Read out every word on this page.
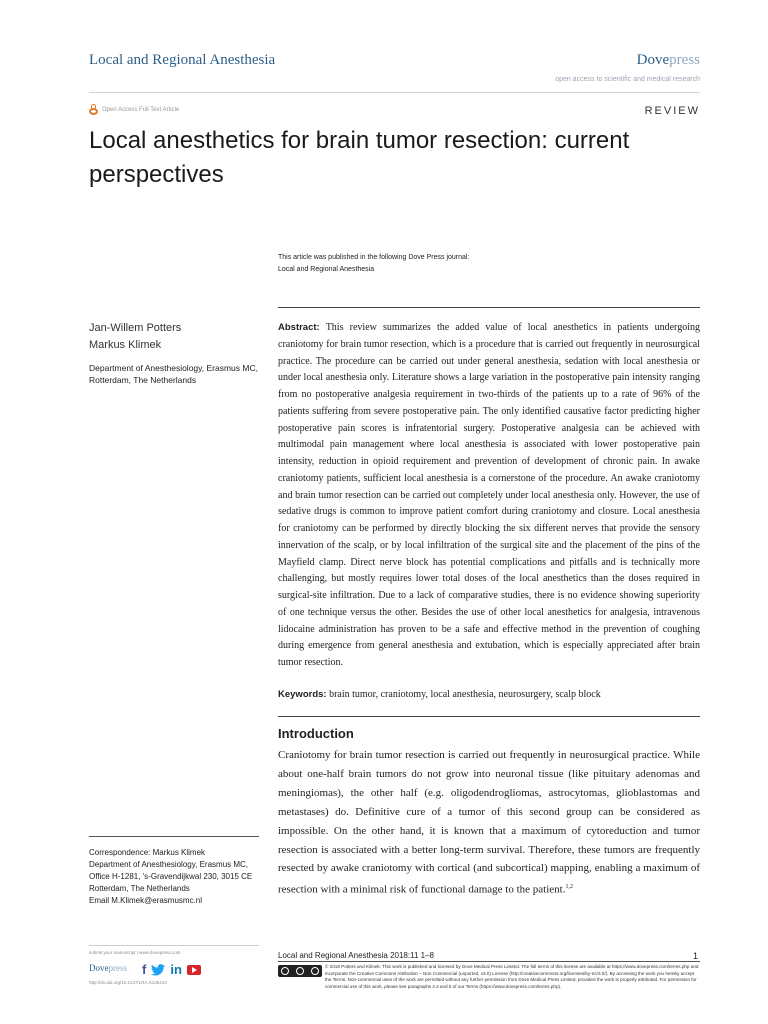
Local and Regional Anesthesia	Dovepress
open access to scientific and medical research
Open Access Full Text Article	REVIEW
Local anesthetics for brain tumor resection: current perspectives
This article was published in the following Dove Press journal:
Local and Regional Anesthesia
Jan-Willem Potters
Markus Klimek
Department of Anesthesiology, Erasmus MC, Rotterdam, The Netherlands
Abstract: This review summarizes the added value of local anesthetics in patients undergoing craniotomy for brain tumor resection, which is a procedure that is carried out frequently in neurosurgical practice. The procedure can be carried out under general anesthesia, sedation with local anesthesia or under local anesthesia only. Literature shows a large variation in the postoperative pain intensity ranging from no postoperative analgesia requirement in two-thirds of the patients up to a rate of 96% of the patients suffering from severe postoperative pain. The only identified causative factor predicting higher postoperative pain scores is infratentorial surgery. Postoperative analgesia can be achieved with multimodal pain management where local anesthesia is associated with lower postoperative pain intensity, reduction in opioid requirement and prevention of development of chronic pain. In awake craniotomy patients, sufficient local anesthesia is a cornerstone of the procedure. An awake craniotomy and brain tumor resection can be carried out completely under local anesthesia only. However, the use of sedative drugs is common to improve patient comfort during craniotomy and closure. Local anesthesia for craniotomy can be performed by directly blocking the six different nerves that provide the sensory innervation of the scalp, or by local infiltration of the surgical site and the placement of the pins of the Mayfield clamp. Direct nerve block has potential complications and pitfalls and is technically more challenging, but mostly requires lower total doses of the local anesthetics than the doses required in surgical-site infiltration. Due to a lack of comparative studies, there is no evidence showing superiority of one technique versus the other. Besides the use of other local anesthetics for analgesia, intravenous lidocaine administration has proven to be a safe and effective method in the prevention of coughing during emergence from general anesthesia and extubation, which is especially appreciated after brain tumor resection.
Keywords: brain tumor, craniotomy, local anesthesia, neurosurgery, scalp block
Introduction
Craniotomy for brain tumor resection is carried out frequently in neurosurgical practice. While about one-half brain tumors do not grow into neuronal tissue (like pituitary adenomas and meningiomas), the other half (e.g. oligodendrogliomas, astrocytomas, glioblastomas and metastases) do. Definitive cure of a tumor of this second group can be considered as impossible. On the other hand, it is known that a maximum of cytoreduction and tumor resection is associated with a better long-term survival. Therefore, these tumors are frequently resected by awake craniotomy with cortical (and subcortical) mapping, enabling a maximum of resection with a minimal risk of functional damage to the patient.$^{1,2}$
Correspondence: Markus Klimek
Department of Anesthesiology, Erasmus MC, Office H-1281, 's-Gravendijkwal 230, 3015 CE Rotterdam, The Netherlands
Email M.Klimek@erasmusmc.nl
submit your manuscript | www.dovepress.com
Dovepress f in
http://dx.doi.org/10.2147/LRA.S135413
Local and Regional Anesthesia 2018:11 1–8	1
© 2018 Potters and Klimek. This work is published and licensed by Dove Medical Press Limited. The full terms of this license are available at https://www.dovepress.com/terms.php and incorporate the Creative Commons Attribution – Non Commercial (unported, v3.0) License (http://creativecommons.org/licenses/by-nc/3.0/). By accessing the work you hereby accept the Terms. Non-commercial uses of the work are permitted without any further permission from Dove Medical Press Limited, provided the work is properly attributed. For permission for commercial use of this work, please see paragraphs 4.2 and 5 of our Terms (https://www.dovepress.com/terms.php).
